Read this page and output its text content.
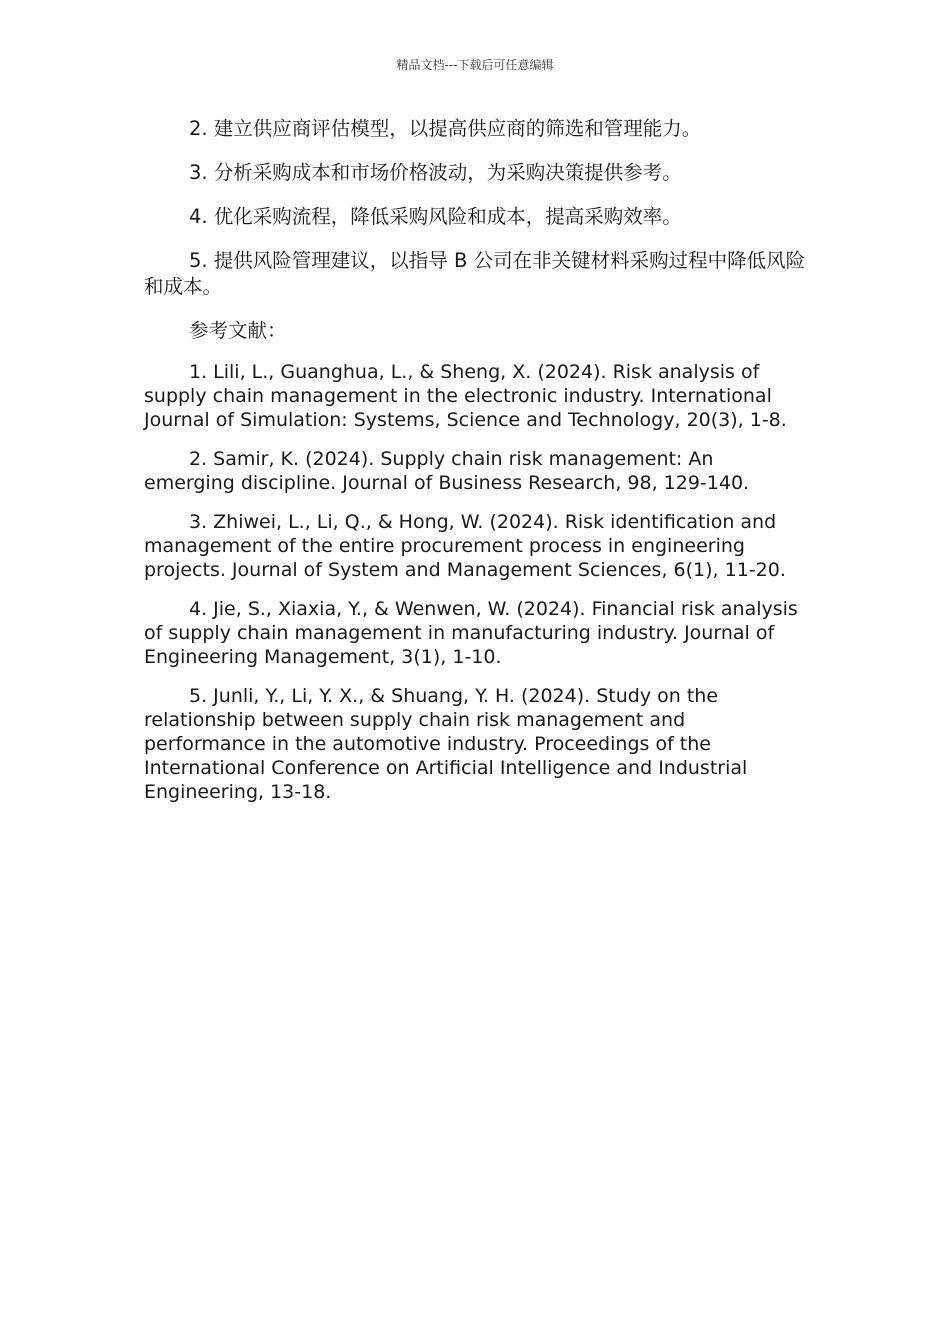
精品文档---下载后可任意编辑

2. 建立供应商评估模型，以提高供应商的筛选和管理能力。

3. 分析采购成本和市场价格波动，为采购决策提供参考。

4. 优化采购流程，降低采购风险和成本，提高采购效率。

5. 提供风险管理建议，以指导 B 公司在非关键材料采购过程中降低风险和成本。

参考文献：

1. Lili, L., Guanghua, L., & Sheng, X. (2024). Risk analysis of supply chain management in the electronic industry. International Journal of Simulation: Systems, Science and Technology, 20(3), 1-8.

2. Samir, K. (2024). Supply chain risk management: An emerging discipline. Journal of Business Research, 98, 129-140.

3. Zhiwei, L., Li, Q., & Hong, W. (2024). Risk identification and management of the entire procurement process in engineering projects. Journal of System and Management Sciences, 6(1), 11-20.

4. Jie, S., Xiaxia, Y., & Wenwen, W. (2024). Financial risk analysis of supply chain management in manufacturing industry. Journal of Engineering Management, 3(1), 1-10.

5. Junli, Y., Li, Y. X., & Shuang, Y. H. (2024). Study on the relationship between supply chain risk management and performance in the automotive industry. Proceedings of the International Conference on Artificial Intelligence and Industrial Engineering, 13-18.
